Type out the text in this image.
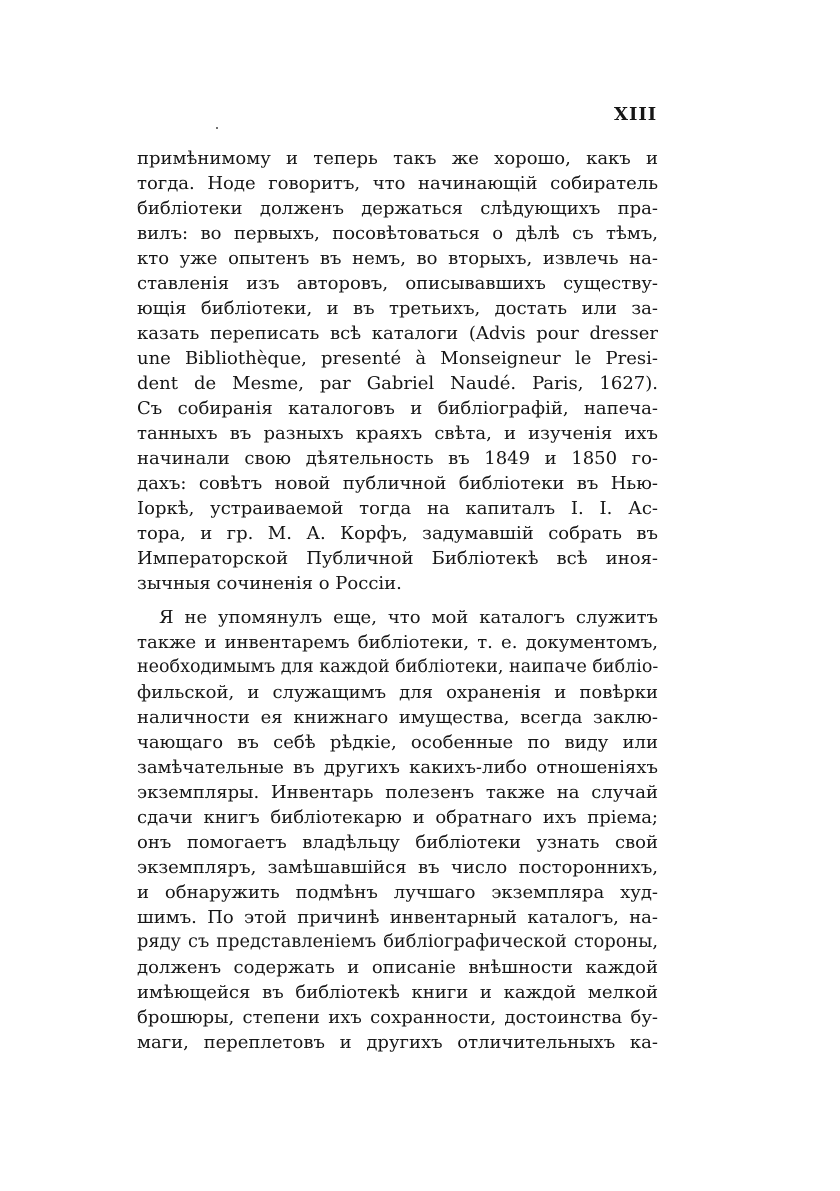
XIII
примѣнимому и теперь такъ же хорошо, какъ и
тогда. Ноде говоритъ, что начинающій собиратель
библіотеки долженъ держаться слѣдующихъ пра-
вилъ: во первыхъ, посовѣтоваться о дѣлѣ съ тѣмъ,
кто уже опытенъ въ немъ, во вторыхъ, извлечь на-
ставленія изъ авторовъ, описывавшихъ существу-
ющія библіотеки, и въ третьихъ, достать или за-
казать переписать всѣ каталоги (Advis pour dresser
une Bibliothèque, presenté à Monseigneur le Presi-
dent de Mesme, par Gabriel Naudé. Paris, 1627).
Съ собиранія каталоговъ и библіографій, напеча-
танныхъ въ разныхъ краяхъ свѣта, и изученія ихъ
начинали свою дѣятельность въ 1849 и 1850 го-
дахъ: совѣтъ новой публичной библіотеки въ Нью-
Іоркѣ, устраиваемой тогда на капиталъ І. І. Ас-
тора, и гр. М. А. Корфъ, задумавшій собрать въ
Императорской Публичной Библіотекѣ всѣ иноя-
зычныя сочиненія о Россіи.
Я не упомянулъ еще, что мой каталогъ служитъ
также и инвентаремъ библіотеки, т. е. документомъ,
необходимымъ для каждой библіотеки, наипаче библіо-
фильской, и служащимъ для охраненія и повѣрки
наличности ея книжнаго имущества, всегда заклю-
чающаго въ себѣ рѣдкіе, особенные по виду или
замѣчательные въ другихъ какихъ-либо отношеніяхъ
экземпляры. Инвентарь полезенъ также на случай
сдачи книгъ библіотекарю и обратнаго ихъ пріема;
онъ помогаетъ владѣльцу библіотеки узнать свой
экземпляръ, замѣшавшійся въ число постороннихъ,
и обнаружить подмѣнъ лучшаго экземпляра худ-
шимъ. По этой причинѣ инвентарный каталогъ, на-
ряду съ представленіемъ библіографической стороны,
долженъ содержать и описаніе внѣшности каждой
имѣющейся въ библіотекѣ книги и каждой мелкой
брошюры, степени ихъ сохранности, достоинства бу-
маги, переплетовъ и другихъ отличительныхъ ка-
